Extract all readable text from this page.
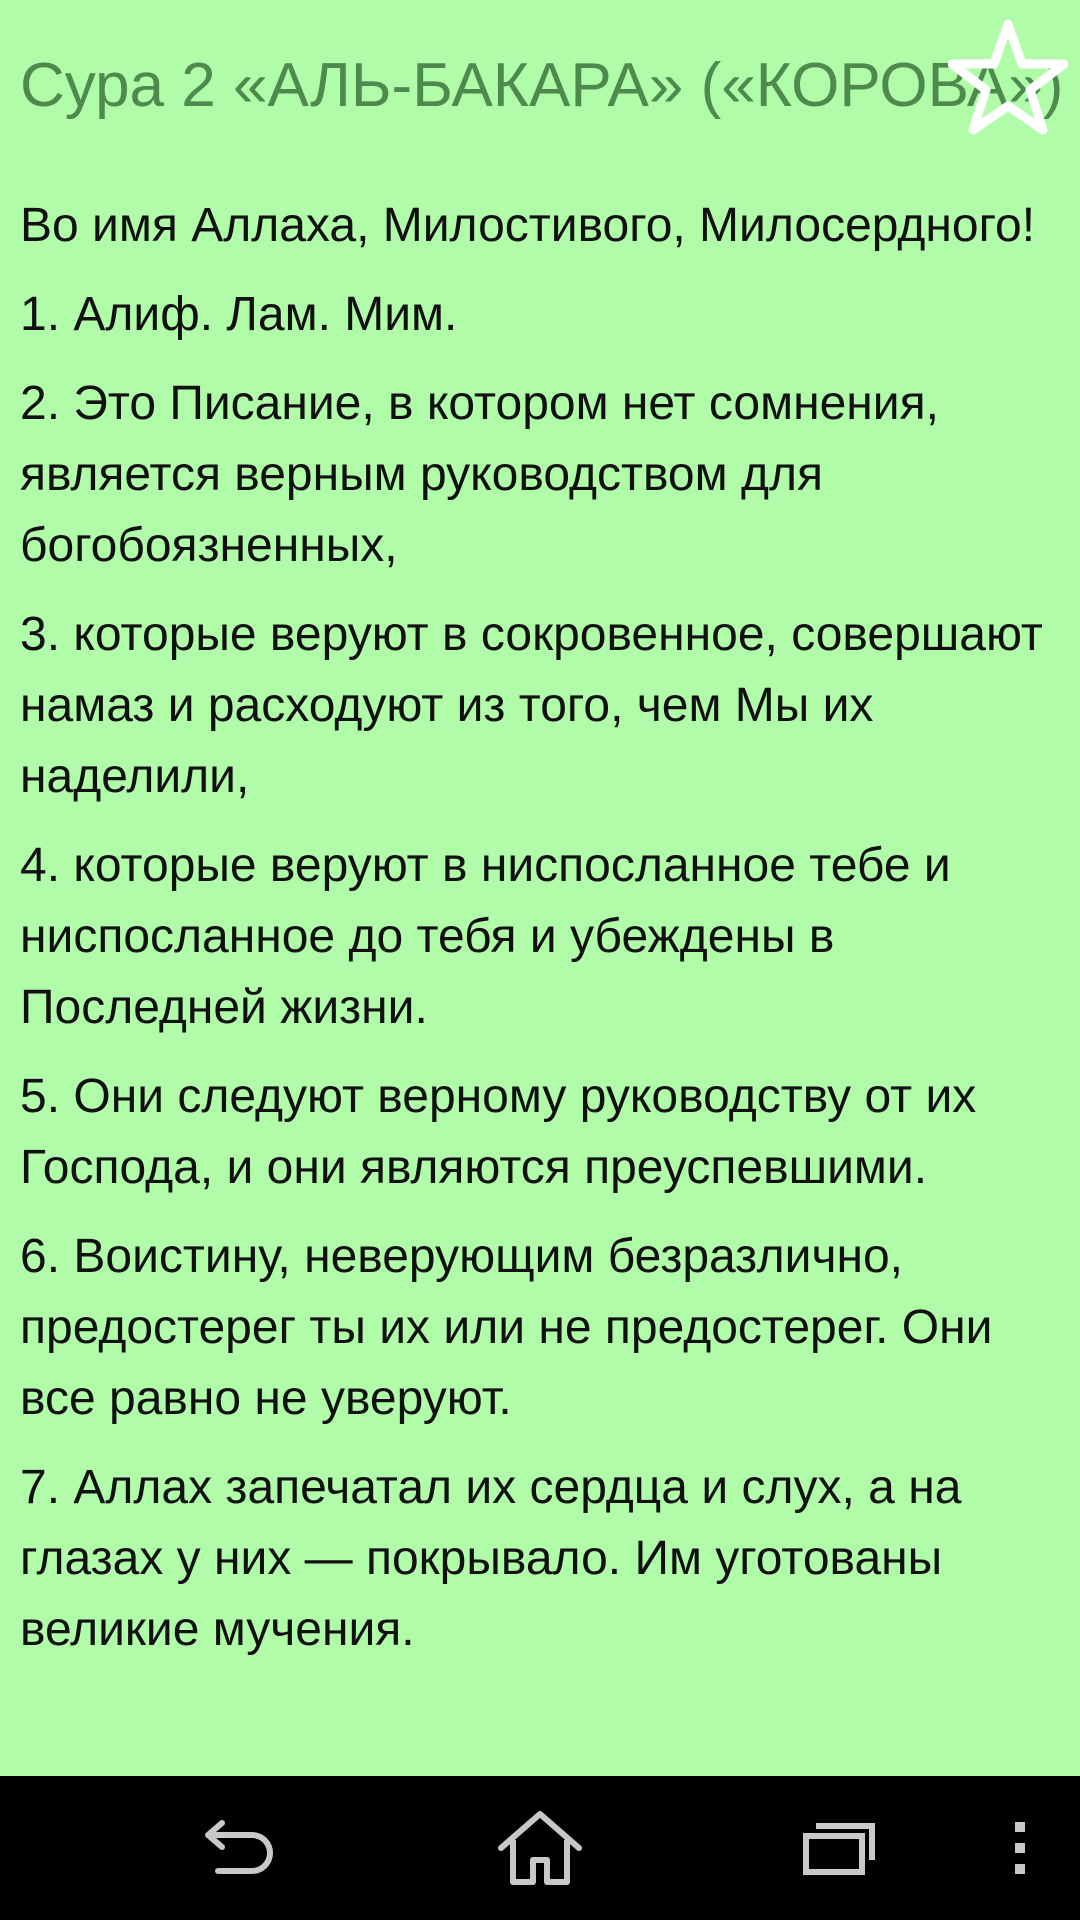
Сура 2 «АЛЬ-БАКАРА» («КОРОВА»)

Во имя Аллаха, Милостивого, Милосердного!

1. Алиф. Лам. Мим.

2. Это Писание, в котором нет сомнения, является верным руководством для богобоязненных,

3. которые веруют в сокровенное, совершают намаз и расходуют из того, чем Мы их наделили,

4. которые веруют в ниспосланное тебе и ниспосланное до тебя и убеждены в Последней жизни.

5. Они следуют верному руководству от их Господа, и они являются преуспевшими.

6. Воистину, неверующим безразлично, предостерег ты их или не предостерег. Они все равно не уверуют.

7. Аллах запечатал их сердца и слух, а на глазах у них — покрывало. Им уготованы великие мучения.
